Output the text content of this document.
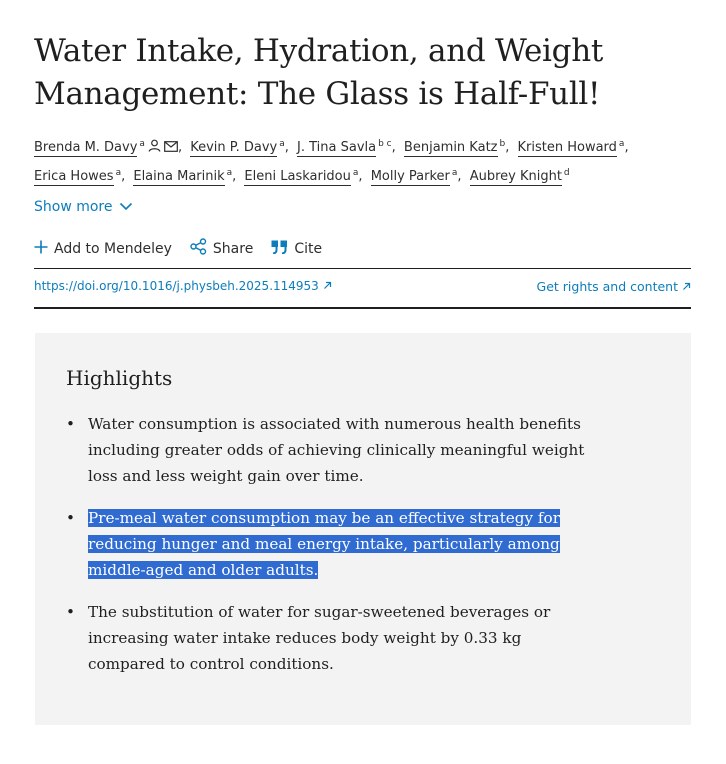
Water Intake, Hydration, and Weight Management: The Glass is Half-Full!
Brenda M. Davy $^a$	, Kevin P. Davy $^a$, J. Tina Savla $^{b c}$, Benjamin Katz $^b$, Kristen Howard $^a$,
Erica Howes $^a$, Elaina Marinik $^a$, Eleni Laskaridou $^a$, Molly Parker $^a$, Aubrey Knight $^d$
Show more
Add to Mendeley	Share	Cite
https://doi.org/10.1016/j.physbeh.2025.114953	Get rights and content
Highlights
• Water consumption is associated with numerous health benefits including greater odds of achieving clinically meaningful weight loss and less weight gain over time.
• Pre-meal water consumption may be an effective strategy for reducing hunger and meal energy intake, particularly among middle-aged and older adults.
• The substitution of water for sugar-sweetened beverages or increasing water intake reduces body weight by 0.33 kg compared to control conditions.
